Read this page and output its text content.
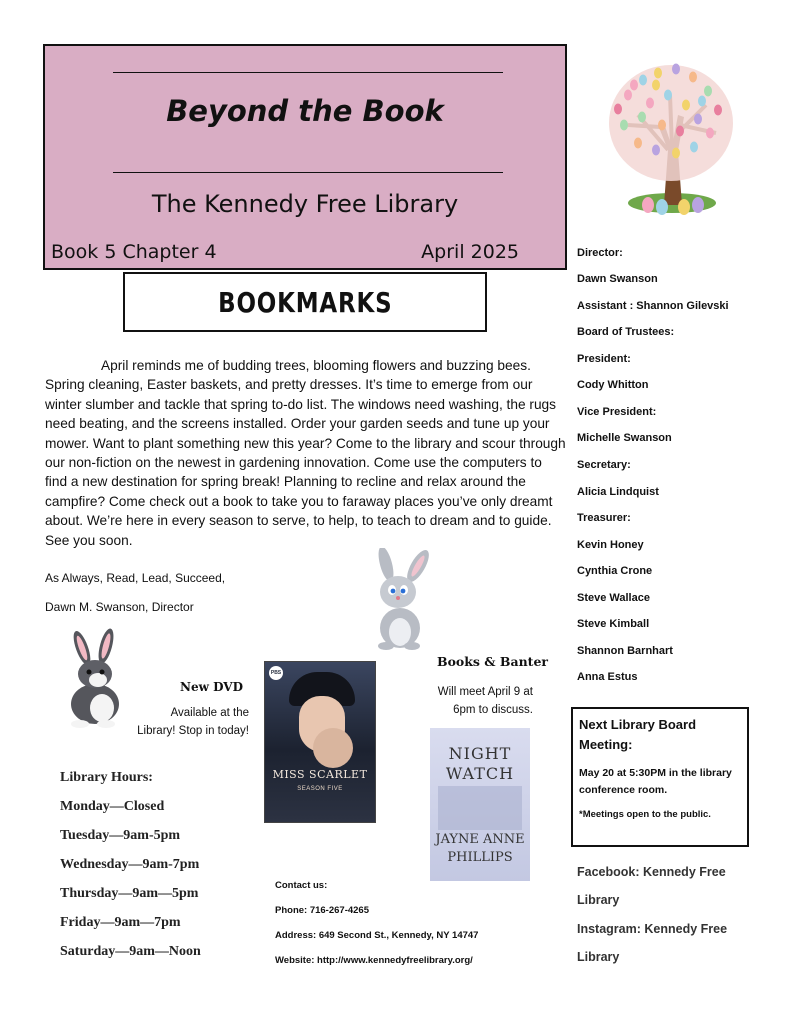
Beyond the Book
The Kennedy Free Library
Book 5 Chapter 4	April 2025
BOOKMARKS
Director:
Dawn Swanson
Assistant : Shannon Gilevski
Board of Trustees:
President:
Cody Whitton
Vice President:
Michelle Swanson
Secretary:
Alicia Lindquist
Treasurer:
Kevin Honey
Cynthia Crone
Steve Wallace
Steve Kimball
Shannon Barnhart
Anna Estus
Next Library Board Meeting:
May 20 at 5:30PM in the library conference room.
*Meetings open to the public.
Facebook: Kennedy Free
Library
Instagram: Kennedy Free
Library

April reminds me of budding trees, blooming flowers and buzzing bees. Spring cleaning, Easter baskets, and pretty dresses. It’s time to emerge from our winter slumber and tackle that spring to-do list. The windows need washing, the rugs need beating, and the screens installed. Order your garden seeds and tune up your mower. Want to plant something new this year? Come to the library and scour through our non-fiction on the newest in gardening innovation. Come use the computers to find a new destination for spring break! Planning to recline and relax around the campfire? Come check out a book to take you to faraway places you’ve only dreamt about. We’re here in every season to serve, to help, to teach to dream and to guide. See you soon.

As Always, Read, Lead, Succeed,
Dawn M. Swanson, Director
New DVD
Available at the
Library! Stop in today!
PBS
MISS SCARLET
SEASON FIVE
Books & Banter
Will meet April 9 at
6pm to discuss.
NIGHT
WATCH
JAYNE ANNE
PHILLIPS
Library Hours:
Monday—Closed
Tuesday—9am-5pm
Wednesday—9am-7pm
Thursday—9am—5pm
Friday—9am—7pm
Saturday—9am—Noon
Contact us:
Phone: 716-267-4265
Address: 649 Second St., Kennedy, NY 14747
Website: http://www.kennedyfreelibrary.org/
